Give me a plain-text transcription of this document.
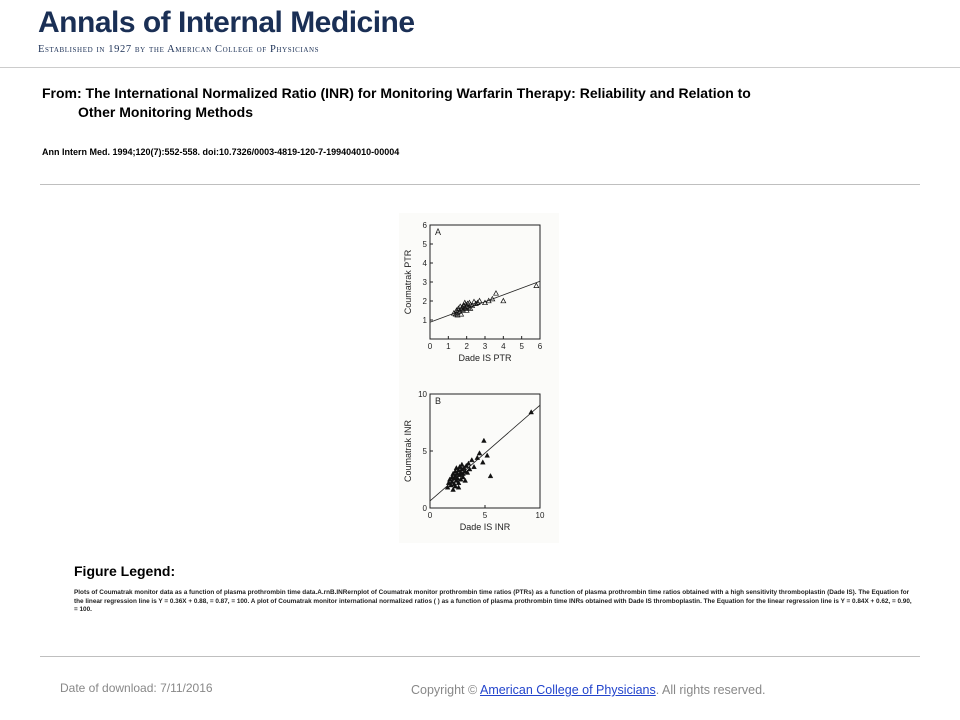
Annals of Internal Medicine
Established in 1927 by the American College of Physicians
From: The International Normalized Ratio (INR) for Monitoring Warfarin Therapy: Reliability and Relation to
Other Monitoring Methods
Ann Intern Med. 1994;120(7):552-558. doi:10.7326/0003-4819-120-7-199404010-00004
0 1 2 3 4 5 6
1
2
3
4
5
6
A
Dade IS PTR
Coumatrak PTR
0	5	10
0
5
10
B
Dade IS INR
Coumatrak INR
Figure Legend:
Plots of Coumatrak monitor data as a function of plasma prothrombin time data.A.rnB.INRernplot of Coumatrak monitor prothrombin time ratios (PTRs) as a function of plasma prothrombin time ratios obtained with a high sensitivity thromboplastin (Dade IS). The Equation for the linear regression line is Y = 0.36X + 0.88, = 0.87, = 100. A plot of Coumatrak monitor international normalized ratios ( ) as a function of plasma prothrombin time INRs obtained with Dade IS thromboplastin. The Equation for the linear regression line is Y = 0.84X + 0.62, = 0.90, = 100.
Date of download: 7/11/2016	Copyright © American College of Physicians. All rights reserved.
